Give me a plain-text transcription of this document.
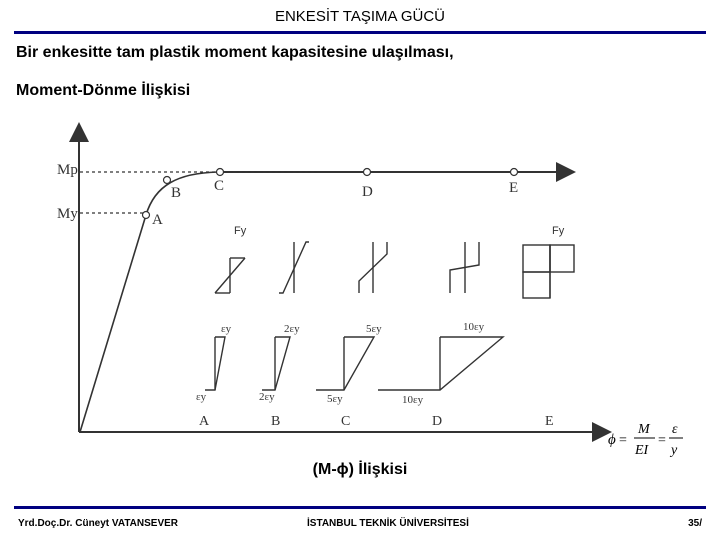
ENKESİT TAŞIMA GÜCÜ
Bir enkesitte tam plastik moment kapasitesine ulaşılması,
Moment-Dönme İlişkisi
Mp
My	A
B C	D	E
Fy	Fy
εy	2εy	5εy	10εy
εy	2εy	5εy	10εy
A	B	C	D	E
ϕ =
M
EI
=
ε
y
(M-ϕ) İlişkisi
Yrd.Doç.Dr. Cüneyt VATANSEVER	İSTANBUL TEKNİK ÜNİVERSİTESİ	35/
